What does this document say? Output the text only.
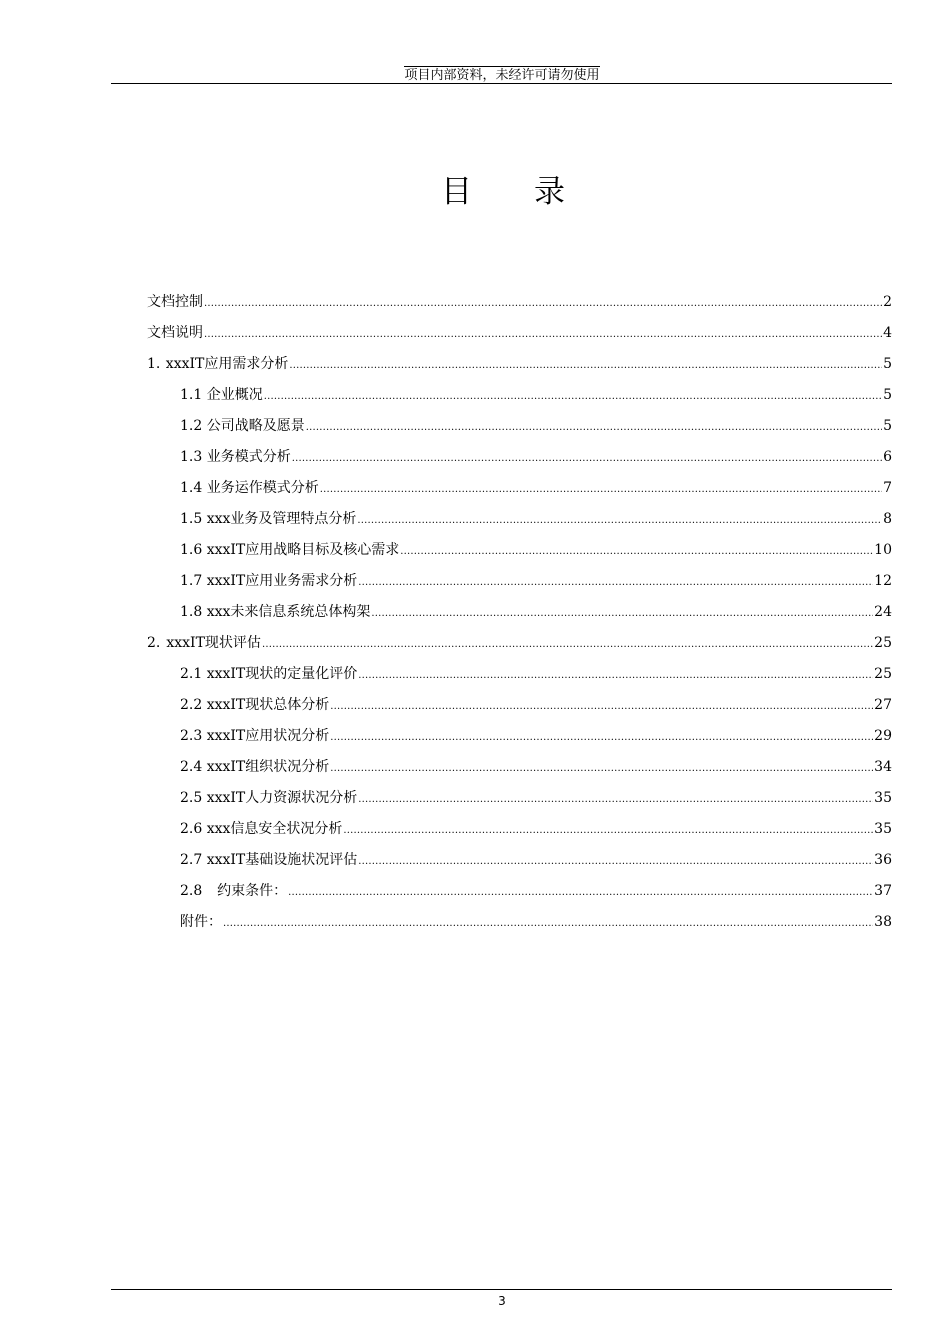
项目内部资料，未经许可请勿使用
目 录
文档控制 .....	2
文档说明 .....	4
1. xxxIT应用需求分析 .....	5
1.1 企业概况 .....	5
1.2 公司战略及愿景 .....	5
1.3 业务模式分析 .....	6
1.4 业务运作模式分析 .....	7
1.5 xxx业务及管理特点分析 .....	8
1.6 xxxIT应用战略目标及核心需求 .....	10
1.7 xxxIT应用业务需求分析 .....	12
1.8 xxx未来信息系统总体构架 .....	24
2. xxxIT现状评估 .....	25
2.1 xxxIT现状的定量化评价 .....	25
2.2 xxxIT现状总体分析 .....	27
2.3 xxxIT应用状况分析 .....	29
2.4 xxxIT组织状况分析 .....	34
2.5 xxxIT人力资源状况分析 .....	35
2.6 xxx信息安全状况分析 .....	35
2.7 xxxIT基础设施状况评估 .....	36
2.8	约束条件： .....	37
附件： .....	38
3
